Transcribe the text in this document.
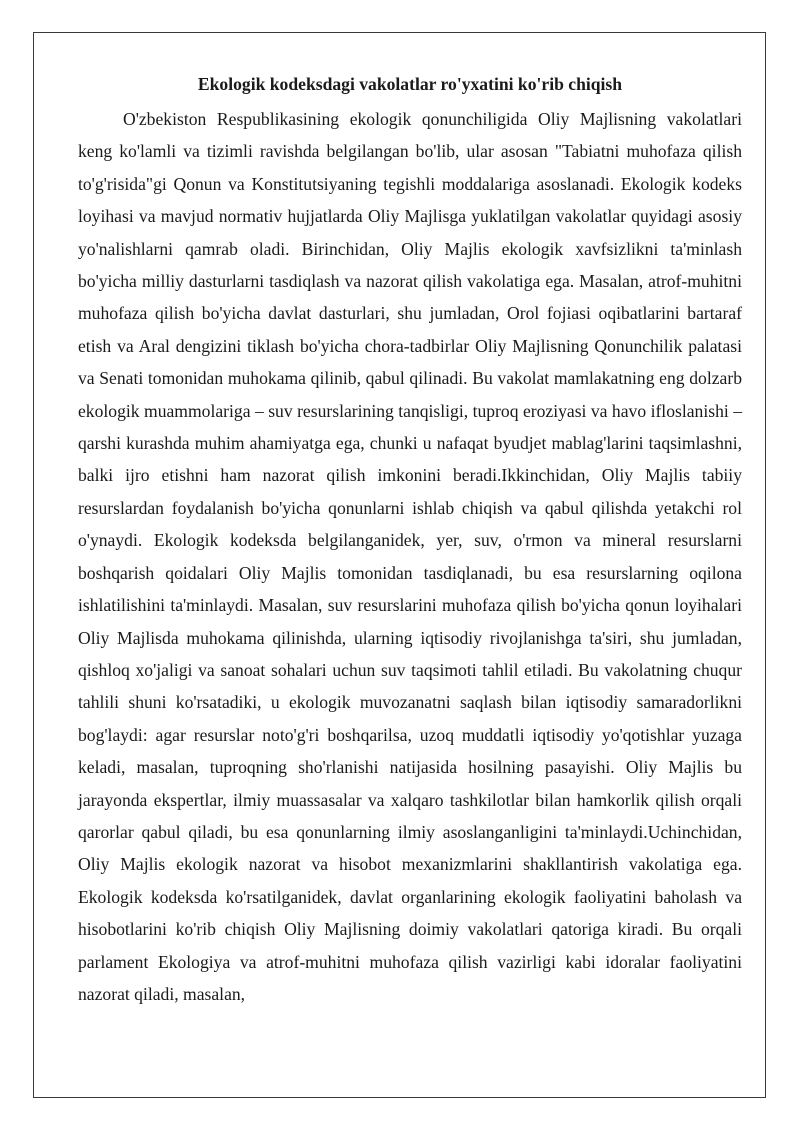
Ekologik kodeksdagi vakolatlar ro'yxatini ko'rib chiqish

O'zbekiston Respublikasining ekologik qonunchiligida Oliy Majlisning vakolatlari keng ko'lamli va tizimli ravishda belgilangan bo'lib, ular asosan "Tabiatni muhofaza qilish to'g'risida"gi Qonun va Konstitutsiyaning tegishli moddalariga asoslanadi. Ekologik kodeks loyihasi va mavjud normativ hujjatlarda Oliy Majlisga yuklatilgan vakolatlar quyidagi asosiy yo'nalishlarni qamrab oladi. Birinchidan, Oliy Majlis ekologik xavfsizlikni ta'minlash bo'yicha milliy dasturlarni tasdiqlash va nazorat qilish vakolatiga ega. Masalan, atrof-muhitni muhofaza qilish bo'yicha davlat dasturlari, shu jumladan, Orol fojiasi oqibatlarini bartaraf etish va Aral dengizini tiklash bo'yicha chora-tadbirlar Oliy Majlisning Qonunchilik palatasi va Senati tomonidan muhokama qilinib, qabul qilinadi. Bu vakolat mamlakatning eng dolzarb ekologik muammolariga – suv resurslarining tanqisligi, tuproq eroziyasi va havo ifloslanishi – qarshi kurashda muhim ahamiyatga ega, chunki u nafaqat byudjet mablag'larini taqsimlashni, balki ijro etishni ham nazorat qilish imkonini beradi.Ikkinchidan, Oliy Majlis tabiiy resurslardan foydalanish bo'yicha qonunlarni ishlab chiqish va qabul qilishda yetakchi rol o'ynaydi. Ekologik kodeksda belgilanganidek, yer, suv, o'rmon va mineral resurslarni boshqarish qoidalari Oliy Majlis tomonidan tasdiqlanadi, bu esa resurslarning oqilona ishlatilishini ta'minlaydi. Masalan, suv resurslarini muhofaza qilish bo'yicha qonun loyihalari Oliy Majlisda muhokama qilinishda, ularning iqtisodiy rivojlanishga ta'siri, shu jumladan, qishloq xo'jaligi va sanoat sohalari uchun suv taqsimoti tahlil etiladi. Bu vakolatning chuqur tahlili shuni ko'rsatadiki, u ekologik muvozanatni saqlash bilan iqtisodiy samaradorlikni bog'laydi: agar resurslar noto'g'ri boshqarilsa, uzoq muddatli iqtisodiy yo'qotishlar yuzaga keladi, masalan, tuproqning sho'rlanishi natijasida hosilning pasayishi. Oliy Majlis bu jarayonda ekspertlar, ilmiy muassasalar va xalqaro tashkilotlar bilan hamkorlik qilish orqali qarorlar qabul qiladi, bu esa qonunlarning ilmiy asoslanganligini ta'minlaydi.Uchinchidan, Oliy Majlis ekologik nazorat va hisobot mexanizmlarini shakllantirish vakolatiga ega. Ekologik kodeksda ko'rsatilganidek, davlat organlarining ekologik faoliyatini baholash va hisobotlarini ko'rib chiqish Oliy Majlisning doimiy vakolatlari qatoriga kiradi. Bu orqali parlament Ekologiya va atrof-muhitni muhofaza qilish vazirligi kabi idoralar faoliyatini nazorat qiladi, masalan,
